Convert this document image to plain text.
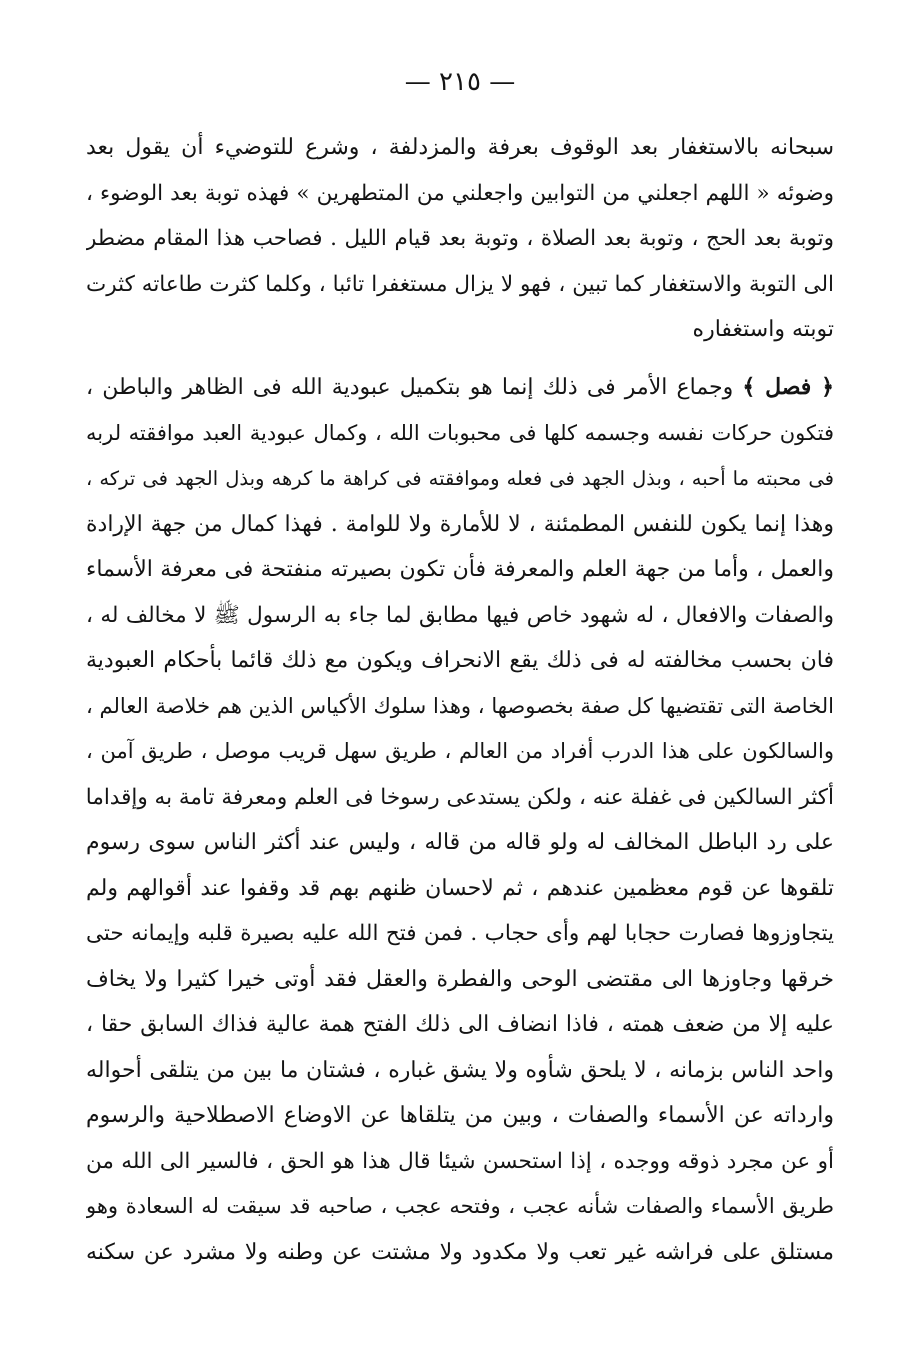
— ٢١٥ —
سبحانه بالاستغفار بعد الوقوف بعرفة والمزدلفة ، وشرع للتوضيء أن يقول بعد
وضوئه « اللهم اجعلني من التوابين واجعلني من المتطهرين » فهذه توبة بعد الوضوء ،
وتوبة بعد الحج ، وتوبة بعد الصلاة ، وتوبة بعد قيام الليل . فصاحب هذا المقام مضطر
الى التوبة والاستغفار كما تبين ، فهو لا يزال مستغفرا تائبا ، وكلما كثرت طاعاته كثرت
توبته واستغفاره
﴿ فصل ﴾ وجماع الأمر فى ذلك إنما هو بتكميل عبودية الله فى الظاهر والباطن ،
فتكون حركات نفسه وجسمه كلها فى محبوبات الله ، وكمال عبودية العبد موافقته لربه
فى محبته ما أحبه ، وبذل الجهد فى فعله وموافقته فى كراهة ما كرهه وبذل الجهد فى تركه ،
وهذا إنما يكون للنفس المطمئنة ، لا للأمارة ولا للوامة . فهذا كمال من جهة الإرادة
والعمل ، وأما من جهة العلم والمعرفة فأن تكون بصيرته منفتحة فى معرفة الأسماء
والصفات والافعال ، له شهود خاص فيها مطابق لما جاء به الرسول ﷺ لا مخالف له ،
فان بحسب مخالفته له فى ذلك يقع الانحراف ويكون مع ذلك قائما بأحكام العبودية
الخاصة التى تقتضيها كل صفة بخصوصها ، وهذا سلوك الأكياس الذين هم خلاصة العالم ،
والسالكون على هذا الدرب أفراد من العالم ، طريق سهل قريب موصل ، طريق آمن ،
أكثر السالكين فى غفلة عنه ، ولكن يستدعى رسوخا فى العلم ومعرفة تامة به وإقداما
على رد الباطل المخالف له ولو قاله من قاله ، وليس عند أكثر الناس سوى رسوم
تلقوها عن قوم معظمين عندهم ، ثم لاحسان ظنهم بهم قد وقفوا عند أقوالهم ولم
يتجاوزوها فصارت حجابا لهم وأى حجاب . فمن فتح الله عليه بصيرة قلبه وإيمانه حتى
خرقها وجاوزها الى مقتضى الوحى والفطرة والعقل فقد أوتى خيرا كثيرا ولا يخاف
عليه إلا من ضعف همته ، فاذا انضاف الى ذلك الفتح همة عالية فذاك السابق حقا ،
واحد الناس بزمانه ، لا يلحق شأوه ولا يشق غباره ، فشتان ما بين من يتلقى أحواله
وارداته عن الأسماء والصفات ، وبين من يتلقاها عن الاوضاع الاصطلاحية والرسوم
أو عن مجرد ذوقه ووجده ، إذا استحسن شيئا قال هذا هو الحق ، فالسير الى الله من
طريق الأسماء والصفات شأنه عجب ، وفتحه عجب ، صاحبه قد سيقت له السعادة وهو
مستلق على فراشه غير تعب ولا مكدود ولا مشتت عن وطنه ولا مشرد عن سكنه
